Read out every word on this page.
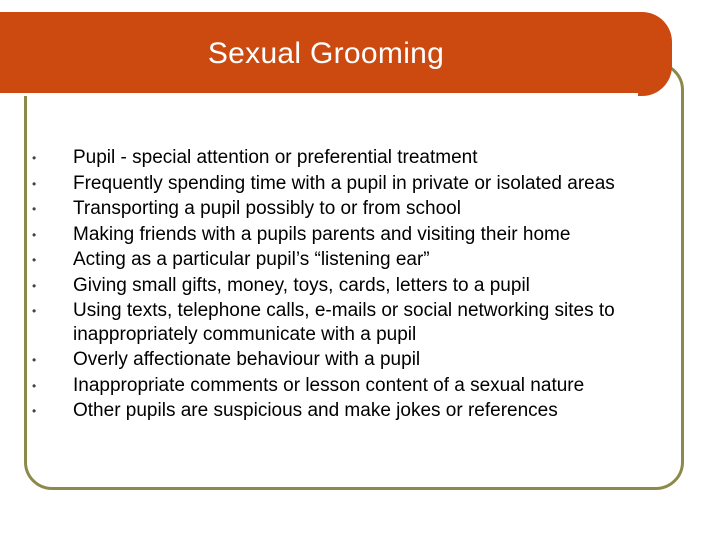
Sexual Grooming
• Pupil - special attention or preferential treatment
• Frequently spending time with a pupil in private or isolated areas
• Transporting a pupil possibly to or from school
• Making friends with a pupils parents and visiting their home
• Acting as a particular pupil’s “listening ear”
• Giving small gifts, money, toys, cards, letters to a pupil
• Using texts, telephone calls, e-mails or social networking sites to inappropriately communicate with a pupil
• Overly affectionate behaviour with a pupil
• Inappropriate comments or lesson content of a sexual nature
• Other pupils are suspicious and make jokes or references
